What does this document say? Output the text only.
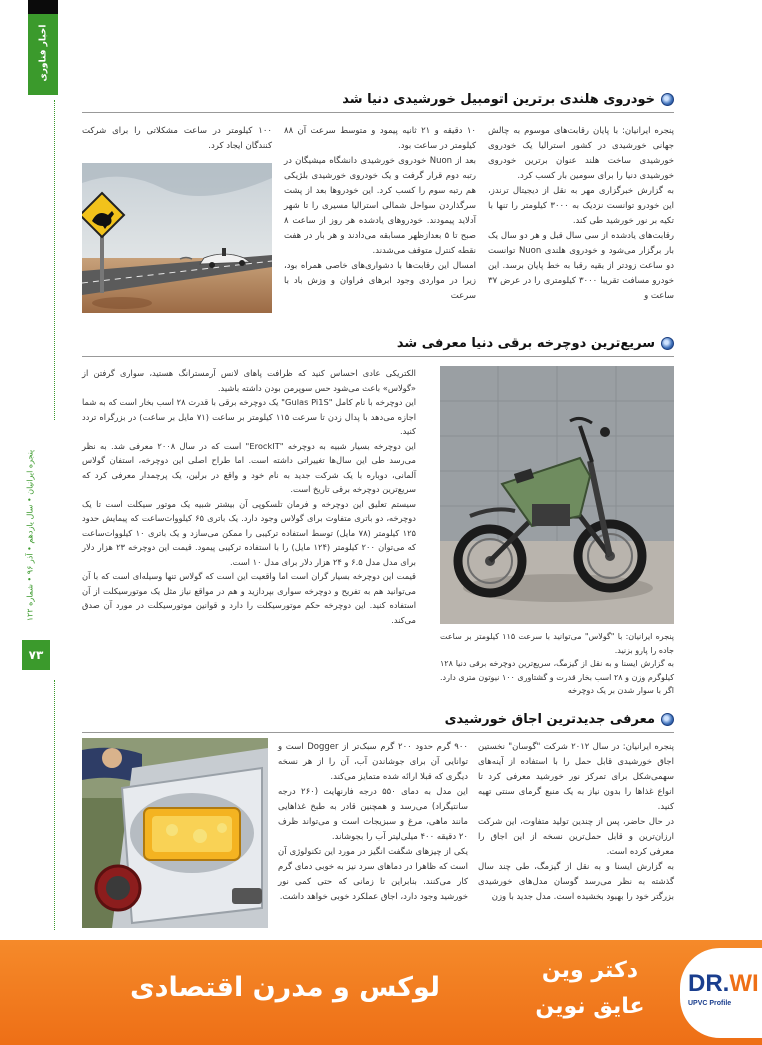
اخبار فناوری
پنجره ایرانیان • سال یازدهم • آذر ۹۶ • شماره ۱۲۲
۷۳
خودروی هلندی برترین اتومبیل خورشیدی دنیا شد

پنجره ایرانیان: با پایان رقابت‌های موسوم به چالش جهانی خورشیدی در کشور استرالیا یک خودروی خورشیدی ساخت هلند عنوان برترین خودروی خورشیدی دنیا را برای سومین بار کسب کرد.

به گزارش خبرگزاری مهر به نقل از دیجیتال ترندز، این خودرو توانست نزدیک به ۳۰۰۰ کیلومتر را تنها با تکیه بر نور خورشید طی کند.

رقابت‌های یادشده از سی سال قبل و هر دو سال یک بار برگزار می‌شود و خودروی هلندی Nuon توانست دو ساعت زودتر از بقیه رقبا به خط پایان برسد. این خودرو مسافت تقریبا ۳۰۰۰ کیلومتری را در عرض ۳۷ ساعت و

۱۰ دقیقه و ۲۱ ثانیه پیمود و متوسط سرعت آن ۸۸ کیلومتر در ساعت بود.

بعد از Nuon خودروی خورشیدی دانشگاه میشیگان در رتبه دوم قرار گرفت و یک خودروی خورشیدی بلژیکی هم رتبه سوم را کسب کرد. این خودروها بعد از پشت سرگذاردن سواحل شمالی استرالیا مسیری را تا شهر آدلاید پیمودند. خودروهای یادشده هر روز از ساعت ۸ صبح تا ۵ بعدازظهر مسابقه می‌دادند و هر بار در هفت نقطه کنترل متوقف می‌شدند.

امسال این رقابت‌ها با دشواری‌های خاصی همراه بود، زیرا در مواردی وجود ابرهای فراوان و وزش باد با سرعت

۱۰۰ کیلومتر در ساعت مشکلاتی را برای شرکت کنندگان ایجاد کرد.

سریع‌ترین دوچرخه برقی دنیا معرفی شد

الکتریکی عادی احساس کنید که ظرافت پاهای لانس آرمسترانگ هستید، سواری گرفتن از «گولاس» باعث می‌شود حس سوپرمن بودن داشته باشید.

این دوچرخه با نام کامل "Gulas Pi1S" یک دوچرخه برقی با قدرت ۲۸ اسب بخار است که به شما اجازه می‌دهد با پدال زدن تا سرعت ۱۱۵ کیلومتر بر ساعت (۷۱ مایل بر ساعت) در بزرگراه تردد کنید.

این دوچرخه بسیار شبیه به دوچرخه "ErockIT" است که در سال ۲۰۰۸ معرفی شد. به نظر می‌رسد طی این سال‌ها تغییراتی داشته است. اما طراح اصلی این دوچرخه، استفان گولاس آلمانی، دوباره با یک شرکت جدید به نام خود و واقع در برلین، یک پرچمدار معرفی کرد که سریع‌ترین دوچرخه برقی تاریخ است.

سیستم تعلیق این دوچرخه و فرمان تلسکوپی آن بیشتر شبیه یک موتور سیکلت است تا یک دوچرخه، دو باتری متفاوت برای گولاس وجود دارد. یک باتری ۶۵ کیلووات‌ساعت که پیمایش حدود ۱۲۵ کیلومتر (۷۸ مایل) توسط استفاده ترکیبی را ممکن می‌سازد و یک باتری ۱۰ کیلووات‌ساعت که می‌توان ۲۰۰ کیلومتر (۱۲۴ مایل) را با استفاده ترکیبی پیمود. قیمت این دوچرخه ۲۳ هزار دلار برای مدل مدل ۶.۵ و ۲۴ هزار دلار برای مدل ۱۰ است.

قیمت این دوچرخه بسیار گران است اما واقعیت این است که گولاس تنها وسیله‌ای است که با آن می‌توانید هم به تفریح و دوچرخه سواری بپردازید و هم در مواقع نیاز مثل یک موتورسیکلت از آن استفاده کنید. این دوچرخه حکم موتورسیکلت را دارد و قوانین موتورسیکلت در مورد آن صدق می‌کند.

پنجره ایرانیان: با "گولاس" می‌توانید با سرعت ۱۱۵ کیلومتر بر ساعت جاده را پارو بزنید.

به گزارش ایسنا و به نقل از گیزمگ، سریع‌ترین دوچرخه برقی دنیا ۱۲۸ کیلوگرم وزن و ۲۸ اسب بخار قدرت و گشتاوری ۱۰۰ نیوتون متری دارد. اگر با سوار شدن بر یک دوچرخه

معرفی جدیدترین اجاق خورشیدی

پنجره ایرانیان: در سال ۲۰۱۲ شرکت "گوسان" نخستین اجاق خورشیدی قابل حمل را با استفاده از آینه‌های سهمی‌شکل برای تمرکز نور خورشید معرفی کرد تا انواع غذاها را بدون نیاز به یک منبع گرمای سنتی تهیه کنید.

در حال حاضر، پس از چندین تولید متفاوت، این شرکت ارزان‌ترین و قابل حمل‌ترین نسخه از این اجاق را معرفی کرده است.

به گزارش ایسنا و به نقل از گیزمگ، طی چند سال گذشته به نظر می‌رسد گوسان مدل‌های خورشیدی بزرگتر خود را بهبود بخشیده است. مدل جدید با وزن

۹۰۰ گرم حدود ۲۰۰ گرم سبک‌تر از Dogger است و توانایی آن برای جوشاندن آب، آن را از هر نسخه دیگری که قبلا ارائه شده متمایز می‌کند.

این مدل به دمای ۵۵۰ درجه فارنهایت (۲۶۰ درجه سانتیگراد) می‌رسد و همچنین قادر به طبخ غذاهایی مانند ماهی، مرغ و سبزیجات است و می‌تواند ظرف ۲۰ دقیقه ۴۰۰ میلی‌لیتر آب را بجوشاند.

یکی از چیزهای شگفت انگیز در مورد این تکنولوژی آن است که ظاهرا در دماهای سرد نیز به خوبی دمای گرم کار می‌کنند. بنابراین تا زمانی که حتی کمی نور خورشید وجود دارد، اجاق عملکرد خوبی خواهد داشت.

لوکس و مدرن اقتصادی
دکتر وین
عایق نوین
DR.WI
UPVC Profile
